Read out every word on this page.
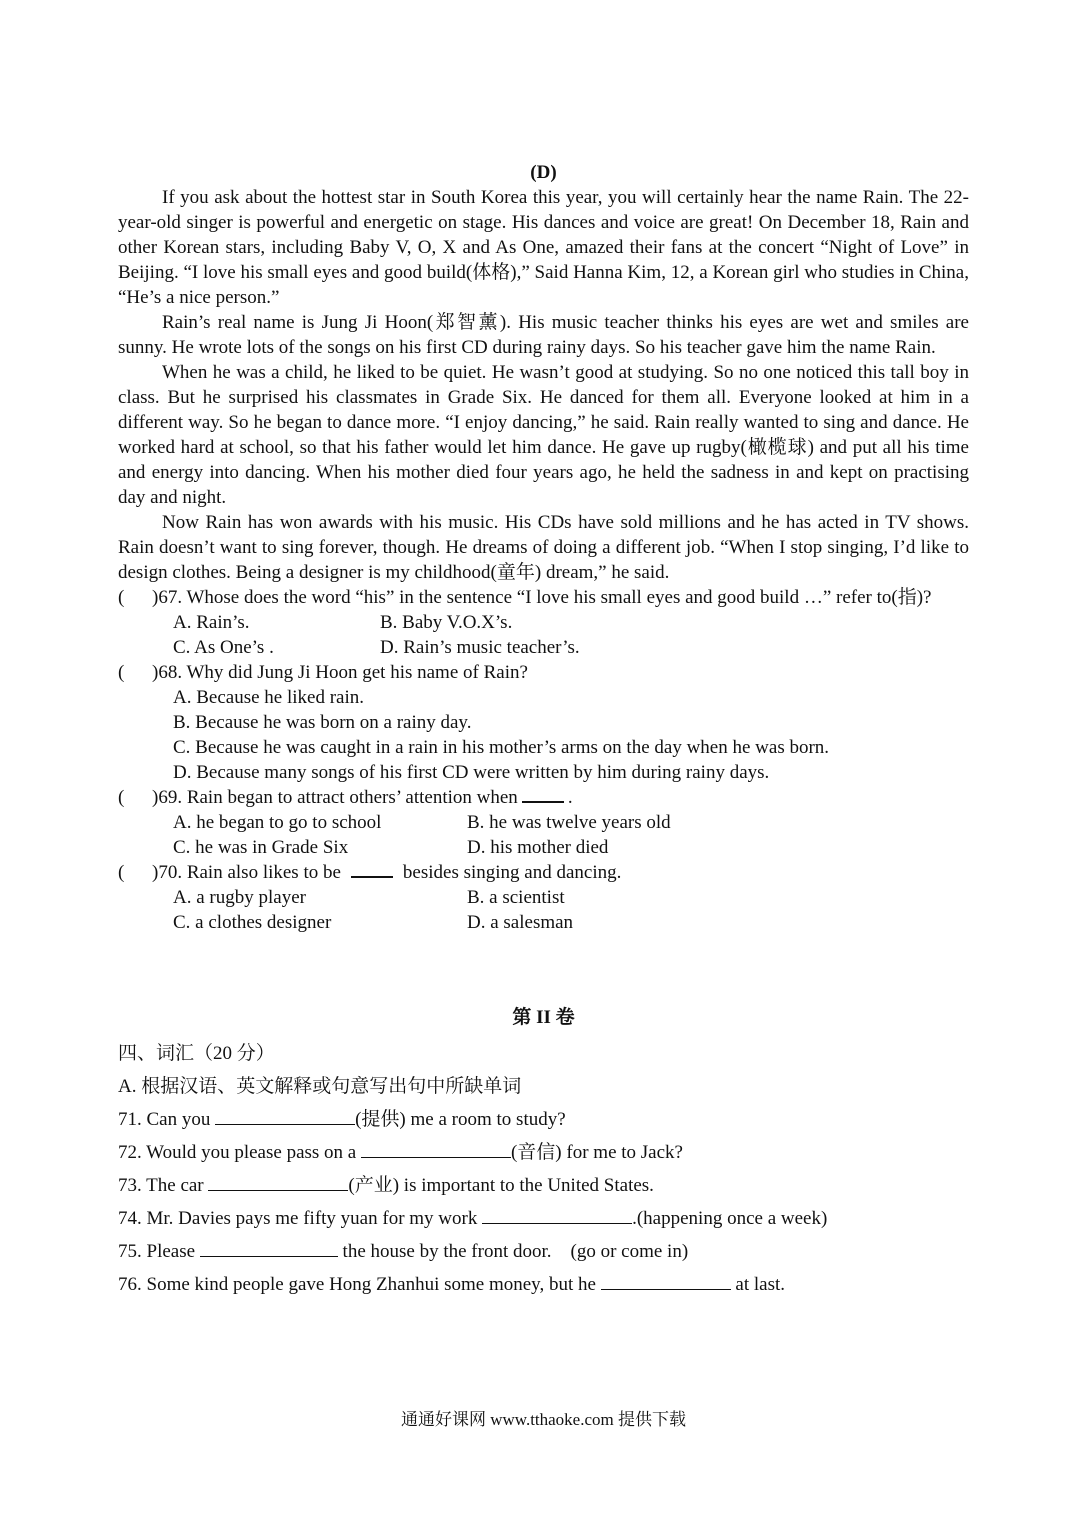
(D)

If you ask about the hottest star in South Korea this year, you will certainly hear the name Rain. The 22-year-old singer is powerful and energetic on stage. His dances and voice are great! On December 18, Rain and other Korean stars, including Baby V, O, X and As One, amazed their fans at the concert “Night of Love” in Beijing. “I love his small eyes and good build(体格),” Said Hanna Kim, 12, a Korean girl who studies in China, “He’s a nice person.”

Rain’s real name is Jung Ji Hoon(郑智薰). His music teacher thinks his eyes are wet and smiles are sunny. He wrote lots of the songs on his first CD during rainy days. So his teacher gave him the name Rain.

When he was a child, he liked to be quiet. He wasn’t good at studying. So no one noticed this tall boy in class. But he surprised his classmates in Grade Six. He danced for them all. Everyone looked at him in a different way. So he began to dance more. “I enjoy dancing,” he said. Rain really wanted to sing and dance. He worked hard at school, so that his father would let him dance. He gave up rugby(橄榄球) and put all his time and energy into dancing. When his mother died four years ago, he held the sadness in and kept on practising day and night.

Now Rain has won awards with his music. His CDs have sold millions and he has acted in TV shows. Rain doesn’t want to sing forever, though. He dreams of doing a different job. “When I stop singing, I’d like to design clothes. Being a designer is my childhood(童年) dream,” he said.

( )67. Whose does the word “his” in the sentence “I love his small eyes and good build …” refer to(指)?

A. Rain’s.	B. Baby V.O.X’s.
C. As One’s .	D. Rain’s music teacher’s.

( )68. Why did Jung Ji Hoon get his name of Rain?

A. Because he liked rain.
B. Because he was born on a rainy day.
C. Because he was caught in a rain in his mother’s arms on the day when he was born.
D. Because many songs of his first CD were written by him during rainy days.

( )69. Rain began to attract others’ attention when	.

A. he began to go to school	B. he was twelve years old
C. he was in Grade Six	D. his mother died

( )70. Rain also likes to be	besides singing and dancing.

A. a rugby player	B. a scientist
C. a clothes designer	D. a salesman

第 II 卷

四、词汇（20 分）

A. 根据汉语、英文解释或句意写出句中所缺单词

71. Can you	(提供) me a room to study?

72. Would you please pass on a	(音信) for me to Jack?

73. The car	(产业) is important to the United States.

74. Mr. Davies pays me fifty yuan for my work	.(happening once a week)

75. Please	the house by the front door.    (go or come in)

76. Some kind people gave Hong Zhanhui some money, but he	at last.

通通好课网 www.tthaoke.com 提供下载
